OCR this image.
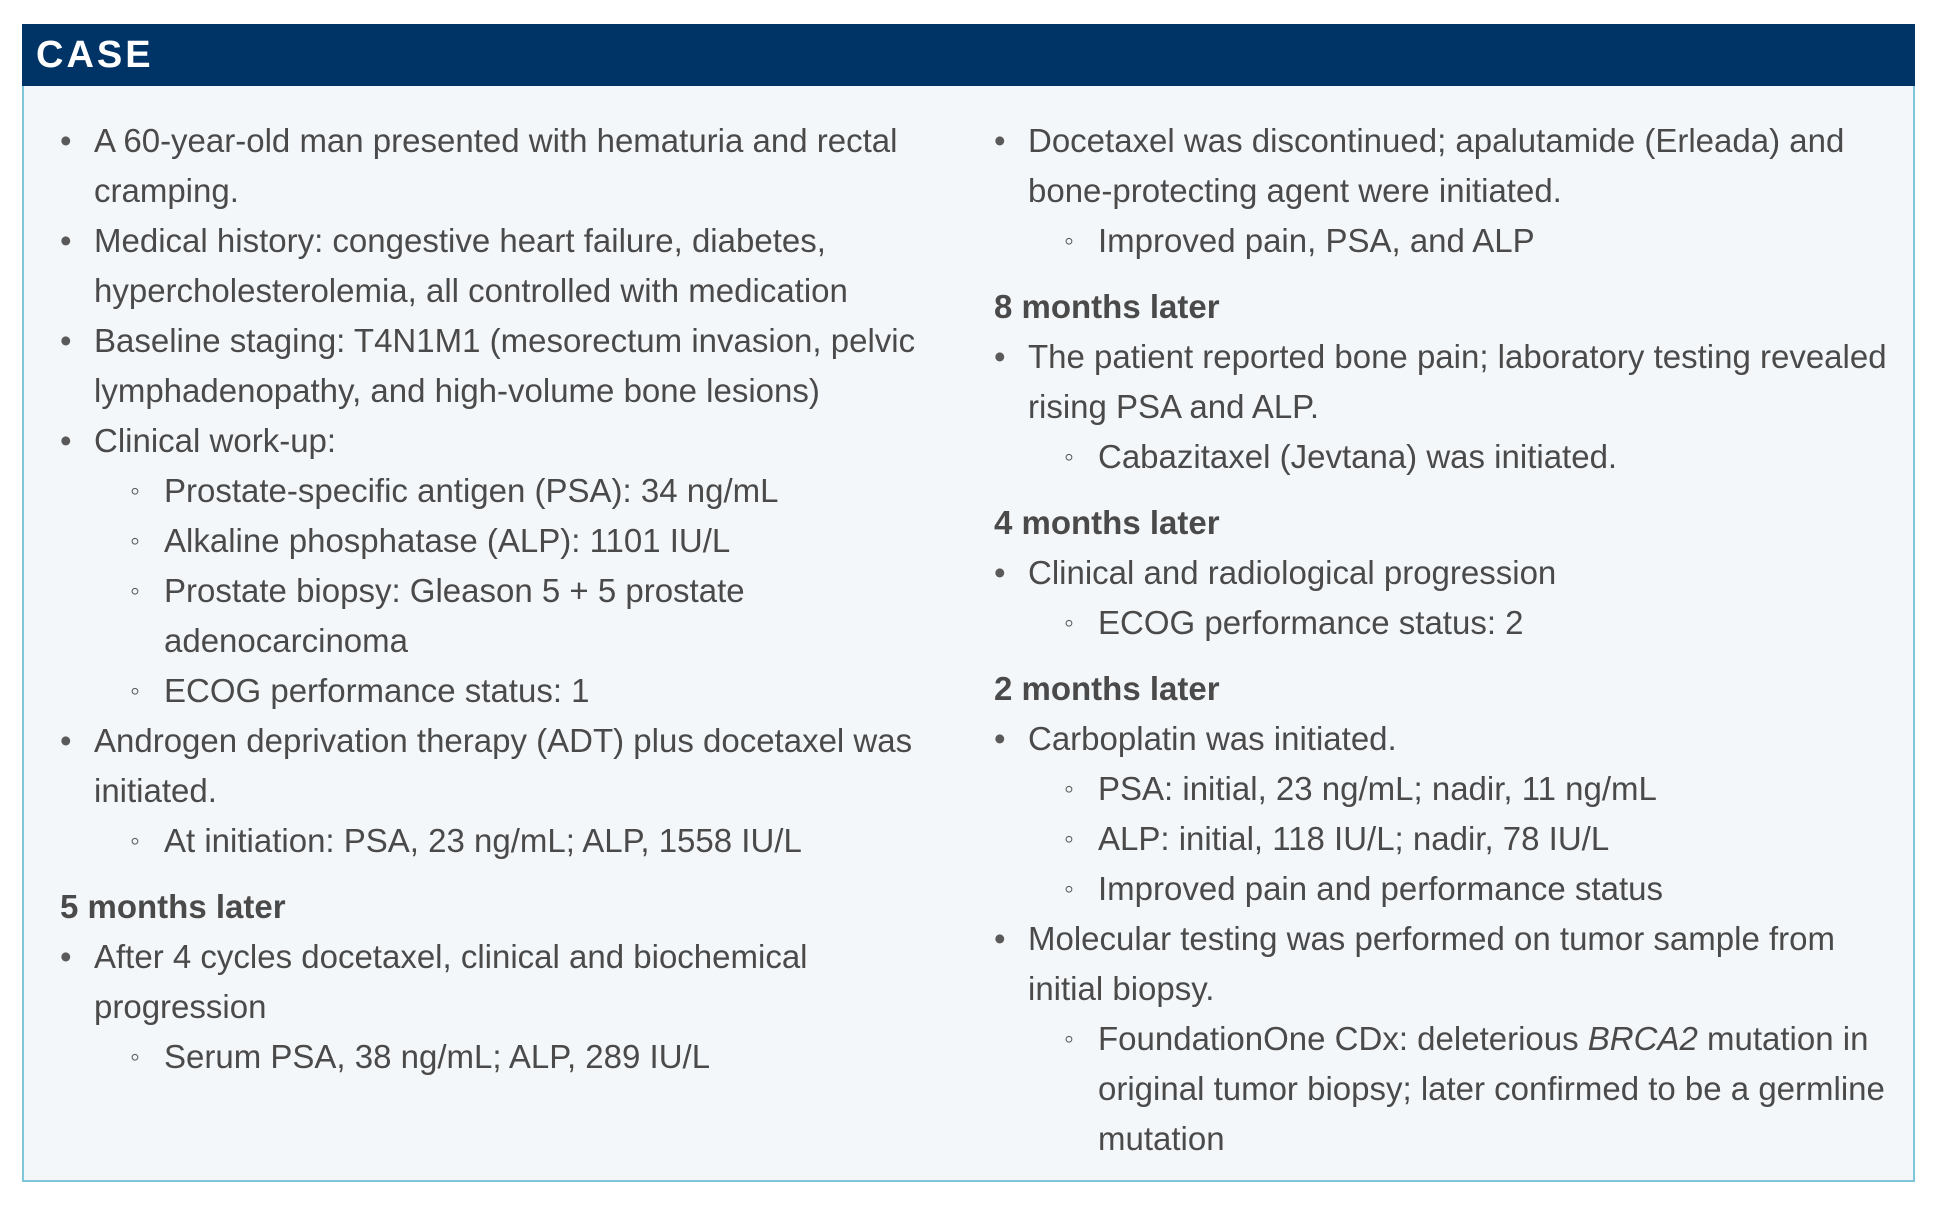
CASE
• A 60-year-old man presented with hematuria and rectal cramping.
• Medical history: congestive heart failure, diabetes, hypercholesterolemia, all controlled with medication
• Baseline staging: T4N1M1 (mesorectum invasion, pelvic lymphadenopathy, and high-volume bone lesions)
• Clinical work-up:
◦ Prostate-specific antigen (PSA): 34 ng/mL
◦ Alkaline phosphatase (ALP): 1101 IU/L
◦ Prostate biopsy: Gleason 5 + 5 prostate adenocarcinoma
◦ ECOG performance status: 1
• Androgen deprivation therapy (ADT) plus docetaxel was initiated.
◦ At initiation: PSA, 23 ng/mL; ALP, 1558 IU/L
5 months later
• After 4 cycles docetaxel, clinical and biochemical progression
◦ Serum PSA, 38 ng/mL; ALP, 289 IU/L
• Docetaxel was discontinued; apalutamide (Erleada) and bone-protecting agent were initiated.
◦ Improved pain, PSA, and ALP
8 months later
• The patient reported bone pain; laboratory testing revealed rising PSA and ALP.
◦ Cabazitaxel (Jevtana) was initiated.
4 months later
• Clinical and radiological progression
◦ ECOG performance status: 2
2 months later
• Carboplatin was initiated.
◦ PSA: initial, 23 ng/mL; nadir, 11 ng/mL
◦ ALP: initial, 118 IU/L; nadir, 78 IU/L
◦ Improved pain and performance status
• Molecular testing was performed on tumor sample from initial biopsy.
◦ FoundationOne CDx: deleterious BRCA2 mutation in original tumor biopsy; later confirmed to be a germline mutation
